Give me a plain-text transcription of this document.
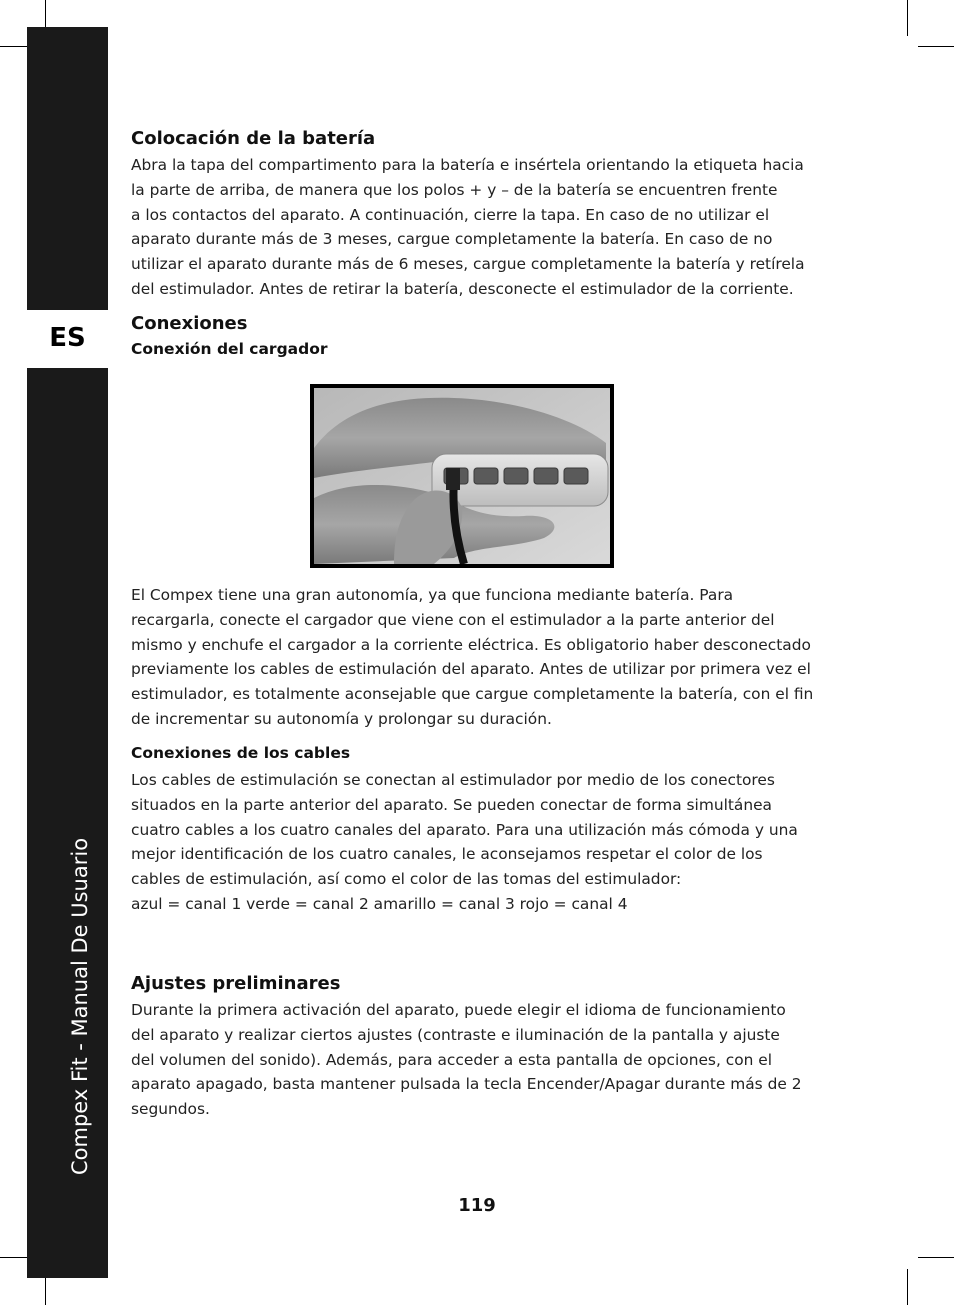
ES
Compex Fit - Manual De Usuario
Colocación de la batería
Abra la tapa del compartimento para la batería e insértela orientando la etiqueta hacia
la parte de arriba, de manera que los polos + y – de la batería se encuentren frente
a los contactos del aparato. A continuación, cierre la tapa. En caso de no utilizar el
aparato durante más de 3 meses, cargue completamente la batería. En caso de no
utilizar el aparato durante más de 6 meses, cargue completamente la batería y retírela
del estimulador. Antes de retirar la batería, desconecte el estimulador de la corriente.
Conexiones
Conexión del cargador
El Compex tiene una gran autonomía, ya que funciona mediante batería. Para
recargarla, conecte el cargador que viene con el estimulador a la parte anterior del
mismo y enchufe el cargador a la corriente eléctrica. Es obligatorio haber desconectado
previamente los cables de estimulación del aparato. Antes de utilizar por primera vez el
estimulador, es totalmente aconsejable que cargue completamente la batería, con el fin
de incrementar su autonomía y prolongar su duración.
Conexiones de los cables
Los cables de estimulación se conectan al estimulador por medio de los conectores
situados en la parte anterior del aparato. Se pueden conectar de forma simultánea
cuatro cables a los cuatro canales del aparato. Para una utilización más cómoda y una
mejor identificación de los cuatro canales, le aconsejamos respetar el color de los
cables de estimulación, así como el color de las tomas del estimulador:
azul = canal 1 verde = canal 2 amarillo = canal 3 rojo = canal 4
Ajustes preliminares
Durante la primera activación del aparato, puede elegir el idioma de funcionamiento
del aparato y realizar ciertos ajustes (contraste e iluminación de la pantalla y ajuste
del volumen del sonido). Además, para acceder a esta pantalla de opciones, con el
aparato apagado, basta mantener pulsada la tecla Encender/Apagar durante más de 2
segundos.
119
